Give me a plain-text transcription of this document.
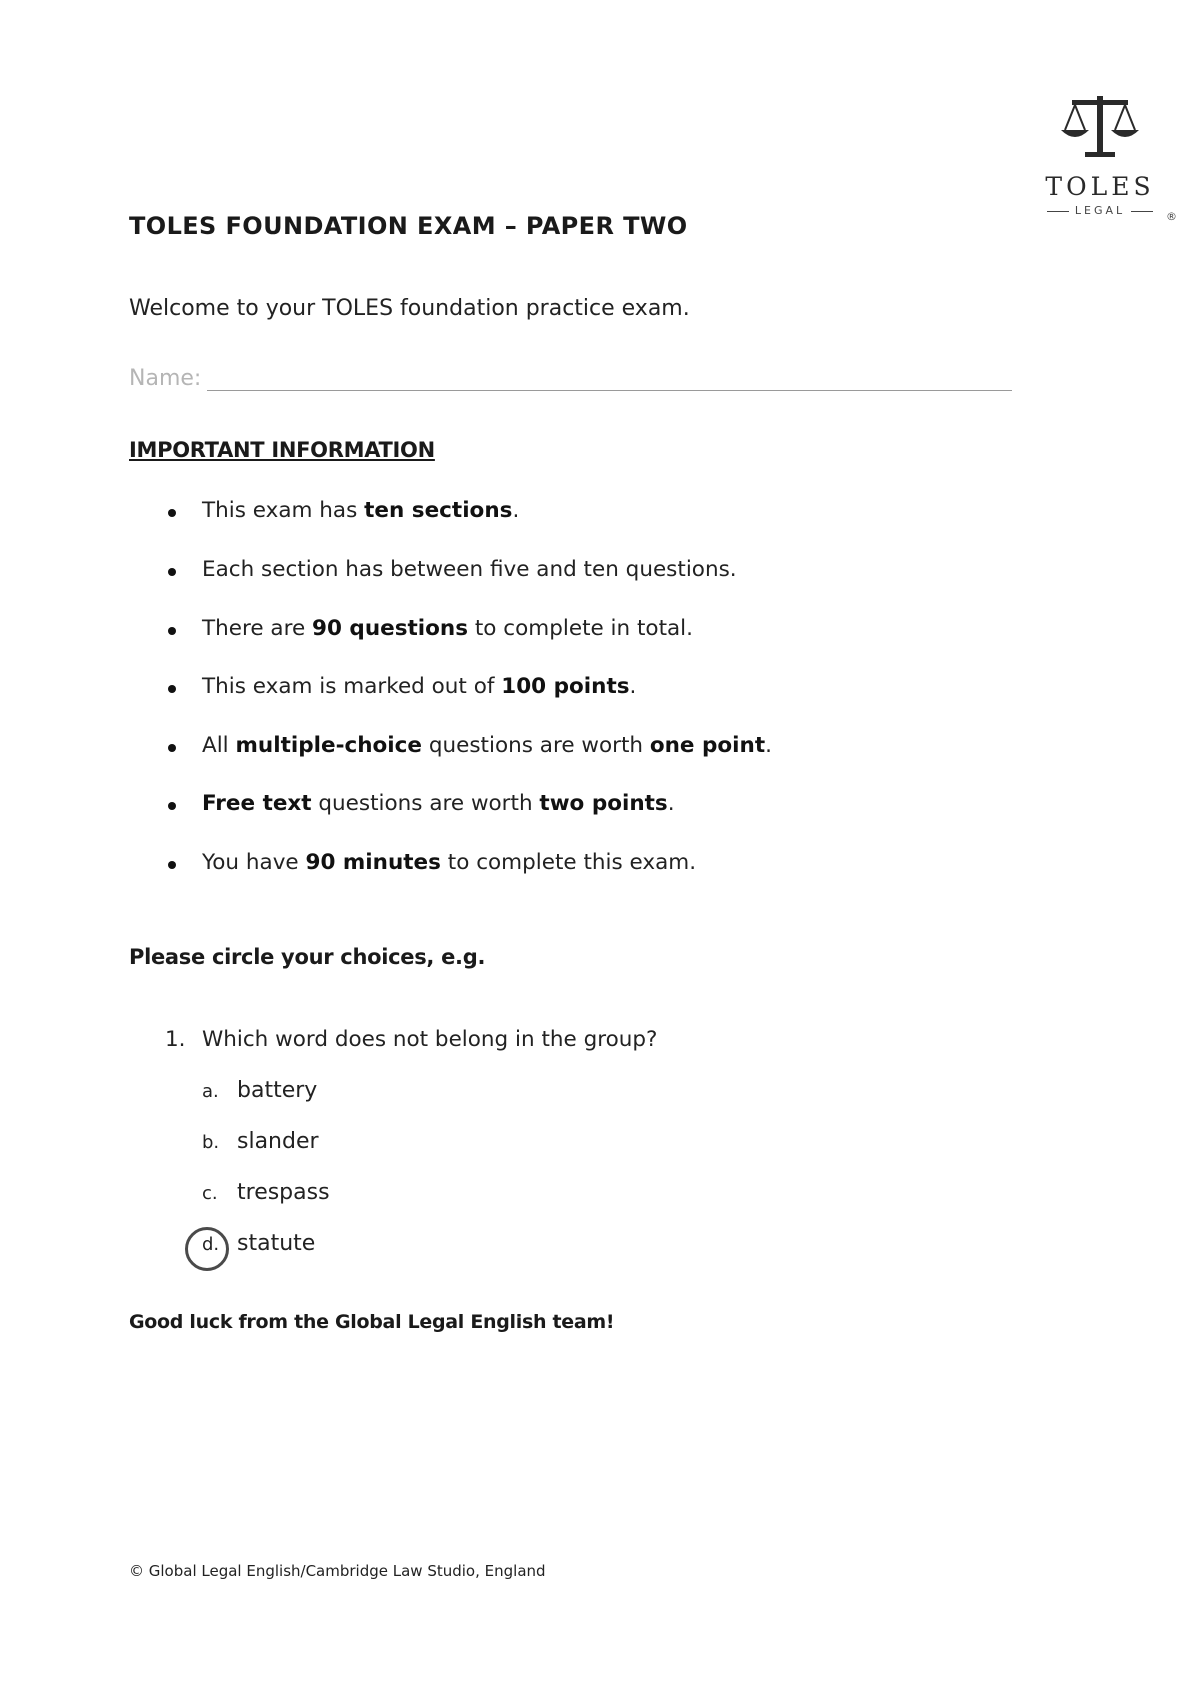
TOLES
LEGAL	®
TOLES FOUNDATION EXAM – PAPER TWO
Welcome to your TOLES foundation practice exam.
Name:
IMPORTANT INFORMATION
This exam has ten sections.
Each section has between five and ten questions.
There are 90 questions to complete in total.
This exam is marked out of 100 points.
All multiple-choice questions are worth one point.
Free text questions are worth two points.
You have 90 minutes to complete this exam.
Please circle your choices, e.g.
1. Which word does not belong in the group?
a. battery
b. slander
c. trespass
d. statute
Good luck from the Global Legal English team!
© Global Legal English/Cambridge Law Studio, England
